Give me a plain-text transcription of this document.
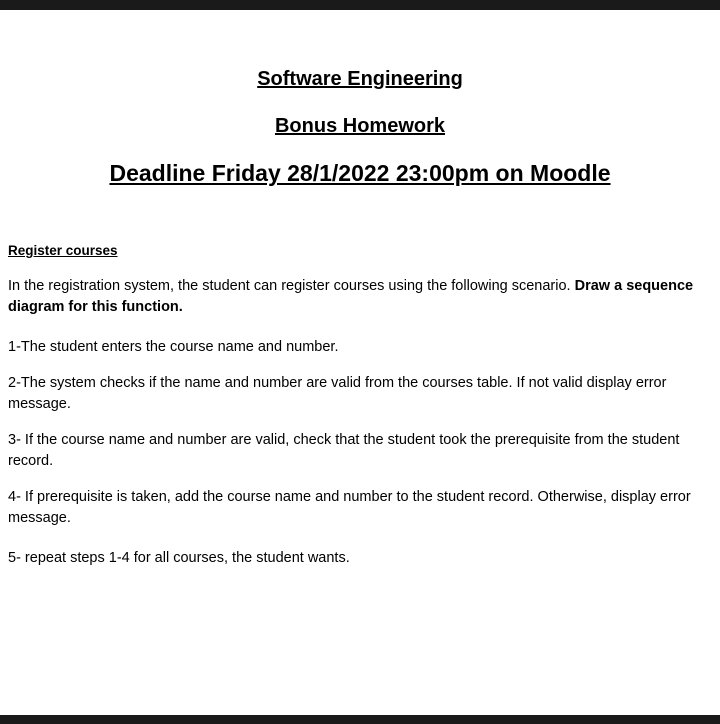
Software Engineering
Bonus Homework
Deadline Friday 28/1/2022 23:00pm on Moodle
Register courses
In the registration system, the student can register courses using the following scenario. Draw a sequence diagram for this function.
1-The student enters the course name and number.
2-The system checks if the name and number are valid from the courses table. If not valid display error message.
3- If the course name and number are valid, check that the student took the prerequisite from the student record.
4- If prerequisite is taken, add the course name and number to the student record. Otherwise, display error message.
5- repeat steps 1-4 for all courses, the student wants.
